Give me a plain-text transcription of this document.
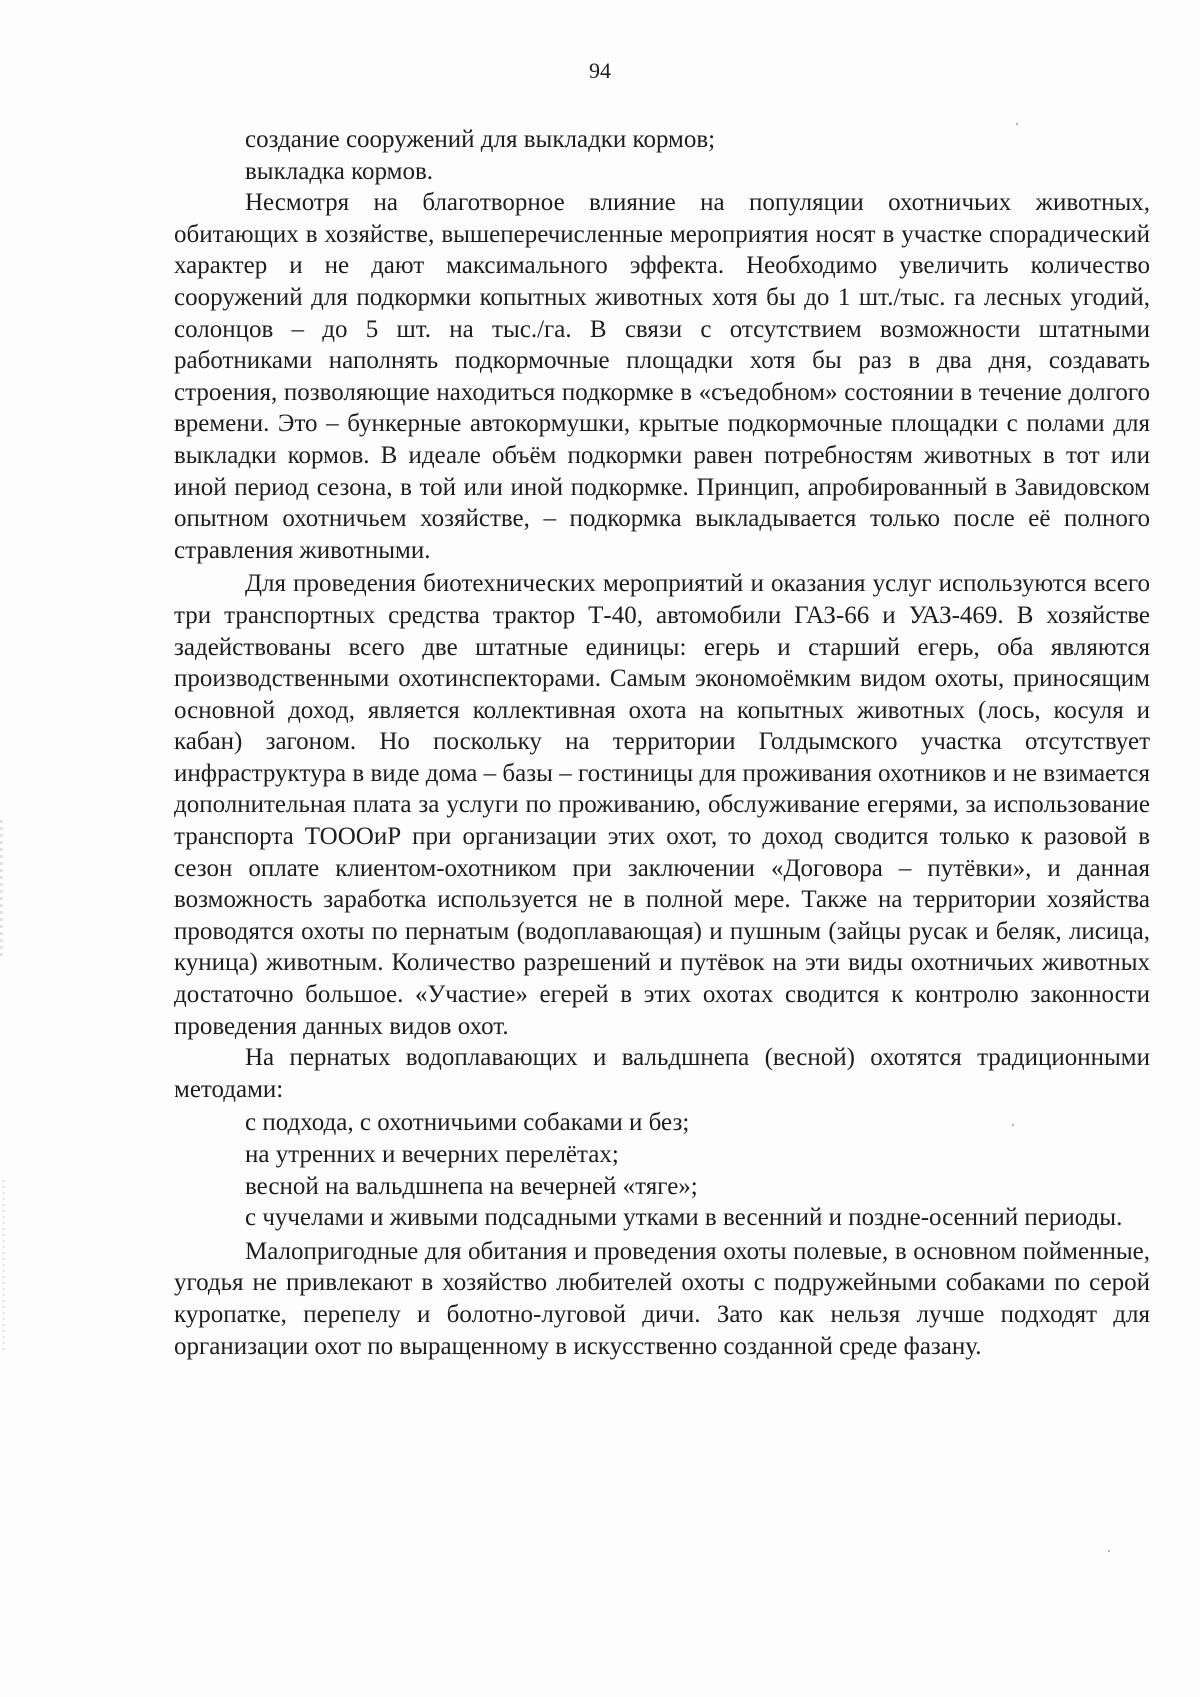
94

создание сооружений для выкладки кормов;

выкладка кормов.

Несмотря на благотворное влияние на популяции охотничьих животных, обитающих в хозяйстве, вышеперечисленные мероприятия носят в участке спорадический характер и не дают максимального эффекта. Необходимо увеличить количество сооружений для подкормки копытных животных хотя бы до 1 шт./тыс. га лесных угодий, солонцов – до 5 шт. на тыс./га. В связи с отсутствием возможности штатными работниками наполнять подкормочные площадки хотя бы раз в два дня, создавать строения, позволяющие находиться подкормке в «съедобном» состоянии в течение долгого времени. Это – бункерные автокормушки, крытые подкормочные площадки с полами для выкладки кормов. В идеале объём подкормки равен потребностям животных в тот или иной период сезона, в той или иной подкормке. Принцип, апробированный в Завидовском опытном охотничьем хозяйстве, – подкормка выкладывается только после её полного стравления животными.

Для проведения биотехнических мероприятий и оказания услуг используются всего три транспортных средства трактор Т-40, автомобили ГАЗ-66 и УАЗ-469. В хозяйстве задействованы всего две штатные единицы: егерь и старший егерь, оба являются производственными охотинспекторами. Самым экономоёмким видом охоты, приносящим основной доход, является коллективная охота на копытных животных (лось, косуля и кабан) загоном. Но поскольку на территории Голдымского участка отсутствует инфраструктура в виде дома – базы – гостиницы для проживания охотников и не взимается дополнительная плата за услуги по проживанию, обслуживание егерями, за использование транспорта ТОООиР при организации этих охот, то доход сводится только к разовой в сезон оплате клиентом-охотником при заключении «Договора – путёвки», и данная возможность заработка используется не в полной мере. Также на территории хозяйства проводятся охоты по пернатым (водоплавающая) и пушным (зайцы русак и беляк, лисица, куница) животным. Количество разрешений и путёвок на эти виды охотничьих животных достаточно большое. «Участие» егерей в этих охотах сводится к контролю законности проведения данных видов охот.

На пернатых водоплавающих и вальдшнепа (весной) охотятся традиционными методами:

с подхода, с охотничьими собаками и без;

на утренних и вечерних перелётах;

весной на вальдшнепа на вечерней «тяге»;

с чучелами и живыми подсадными утками в весенний и поздне-осенний периоды.

Малопригодные для обитания и проведения охоты полевые, в основном пойменные, угодья не привлекают в хозяйство любителей охоты с подружейными собаками по серой куропатке, перепелу и болотно-луговой дичи. Зато как нельзя лучше подходят для организации охот по выращенному в искусственно созданной среде фазану.
